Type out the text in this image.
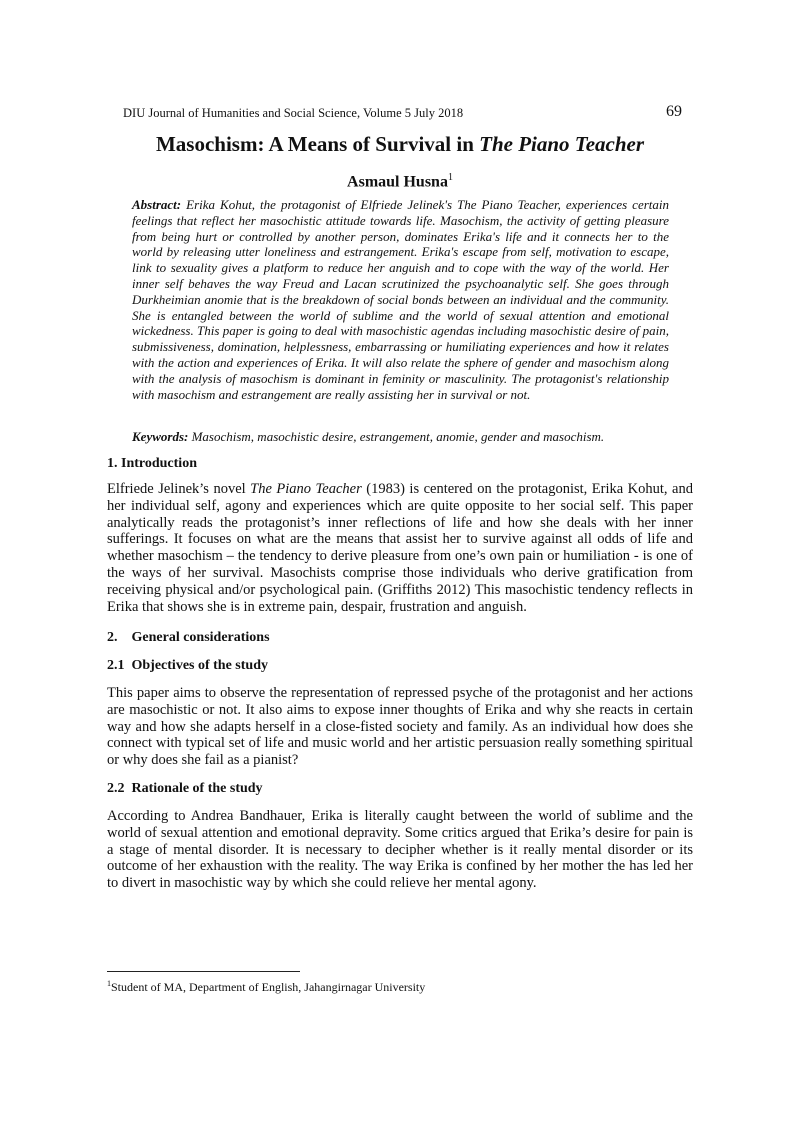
DIU Journal of Humanities and Social Science, Volume 5 July 2018	69
Masochism: A Means of Survival in The Piano Teacher
Asmaul Husna$^1$
Abstract: Erika Kohut, the protagonist of Elfriede Jelinek's The Piano Teacher, experiences certain feelings that reflect her masochistic attitude towards life. Masochism, the activity of getting pleasure from being hurt or controlled by another person, dominates Erika's life and it connects her to the world by releasing utter loneliness and estrangement. Erika's escape from self, motivation to escape, link to sexuality gives a platform to reduce her anguish and to cope with the way of the world. Her inner self behaves the way Freud and Lacan scrutinized the psychoanalytic self. She goes through Durkheimian anomie that is the breakdown of social bonds between an individual and the community. She is entangled between the world of sublime and the world of sexual attention and emotional wickedness. This paper is going to deal with masochistic agendas including masochistic desire of pain, submissiveness, domination, helplessness, embarrassing or humiliating experiences and how it relates with the action and experiences of Erika. It will also relate the sphere of gender and masochism along with the analysis of masochism is dominant in feminity or masculinity. The protagonist's relationship with masochism and estrangement are really assisting her in survival or not.
Keywords: Masochism, masochistic desire, estrangement, anomie, gender and masochism.
1. Introduction
Elfriede Jelinek’s novel The Piano Teacher (1983) is centered on the protagonist, Erika Kohut, and her individual self, agony and experiences which are quite opposite to her social self. This paper analytically reads the protagonist’s inner reflections of life and how she deals with her inner sufferings. It focuses on what are the means that assist her to survive against all odds of life and whether masochism – the tendency to derive pleasure from one’s own pain or humiliation - is one of the ways of her survival. Masochists comprise those individuals who derive gratification from receiving physical and/or psychological pain. (Griffiths 2012) This masochistic tendency reflects in Erika that shows she is in extreme pain, despair, frustration and anguish.
2.    General considerations
2.1  Objectives of the study
This paper aims to observe the representation of repressed psyche of the protagonist and her actions are masochistic or not. It also aims to expose inner thoughts of Erika and why she reacts in certain way and how she adapts herself in a close-fisted society and family. As an individual how does she connect with typical set of life and music world and her artistic persuasion really something spiritual or why does she fail as a pianist?
2.2  Rationale of the study
According to Andrea Bandhauer, Erika is literally caught between the world of sublime and the world of sexual attention and emotional depravity. Some critics argued that Erika’s desire for pain is a stage of mental disorder. It is necessary to decipher whether is it really mental disorder or its outcome of her exhaustion with the reality. The way Erika is confined by her mother the has led her to divert in masochistic way by which she could relieve her mental agony.
$^1$Student of MA, Department of English, Jahangirnagar University
